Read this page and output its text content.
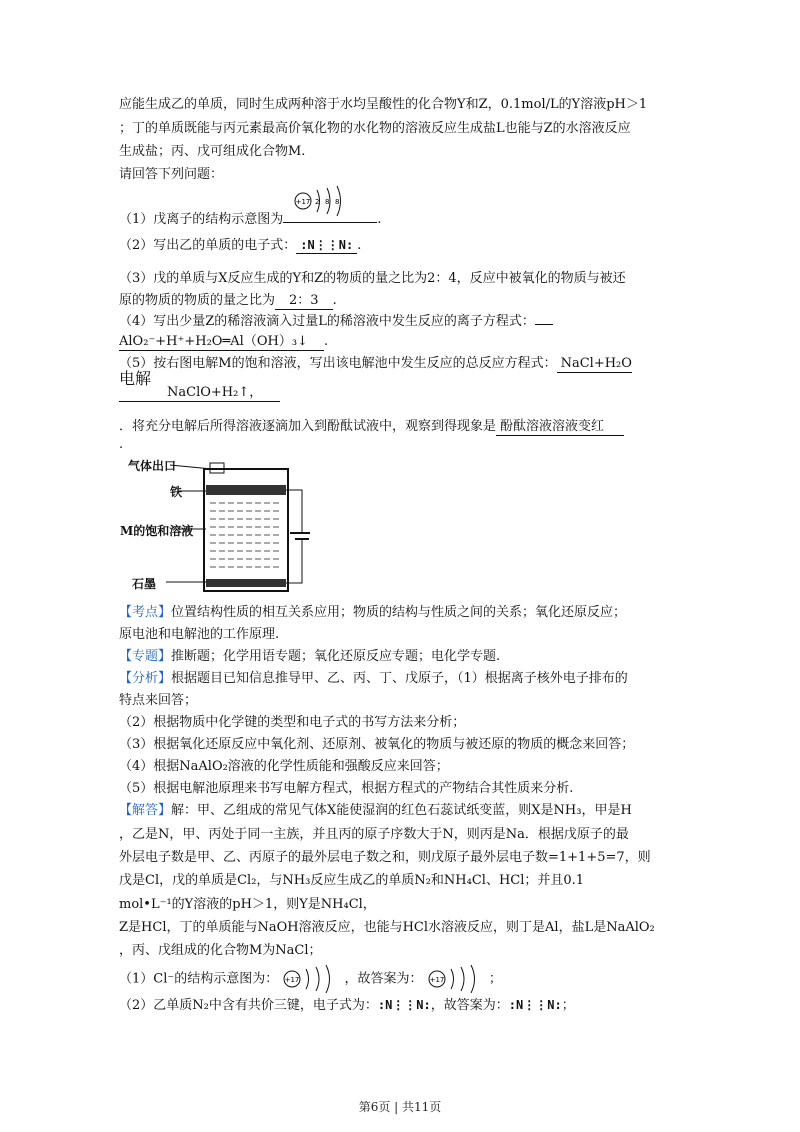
应能生成乙的单质，同时生成两种溶于水均呈酸性的化合物Y和Z，0.1mol/L的Y溶液pH＞1
；丁的单质既能与丙元素最高价氧化物的水化物的溶液反应生成盐L也能与Z的水溶液反应
生成盐；丙、戊可组成化合物M.
请回答下列问题：
（1）戊离子的结构示意图为
+17 2 8 8
.
（2）写出乙的单质的电子式： :N⋮⋮N: .
（3）戊的单质与X反应生成的Y和Z的物质的量之比为2：4，反应中被氧化的物质与被还
原的物质的物质的量之比为 2：3 .
（4）写出少量Z的稀溶液滴入过量L的稀溶液中发生反应的离子方程式：
AlO₂⁻+H⁺+H₂O═Al（OH）₃↓ .
（5）按右图电解M的饱和溶液，写出该电解池中发生反应的总反应方程式： NaCl+H₂O
电解
NaClO+H₂↑，
．将充分电解后所得溶液逐滴加入到酚酞试液中，观察到得现象是 酚酞溶液溶液变红
.
气体出口
铁
M的饱和溶液
石墨
【考点】位置结构性质的相互关系应用；物质的结构与性质之间的关系；氧化还原反应；
原电池和电解池的工作原理.
【专题】推断题；化学用语专题；氧化还原反应专题；电化学专题.
【分析】根据题目已知信息推导甲、乙、丙、丁、戊原子，（1）根据离子核外电子排布的
特点来回答；
（2）根据物质中化学键的类型和电子式的书写方法来分析；
（3）根据氧化还原反应中氧化剂、还原剂、被氧化的物质与被还原的物质的概念来回答；
（4）根据NaAlO₂溶液的化学性质能和强酸反应来回答；
（5）根据电解池原理来书写电解方程式，根据方程式的产物结合其性质来分析.
【解答】解：甲、乙组成的常见气体X能使湿润的红色石蕊试纸变蓝，则X是NH₃，甲是H
，乙是N，甲、丙处于同一主族，并且丙的原子序数大于N，则丙是Na．根据戊原子的最
外层电子数是甲、乙、丙原子的最外层电子数之和，则戊原子最外层电子数=1+1+5=7，则
戊是Cl，戊的单质是Cl₂，与NH₃反应生成乙的单质N₂和NH₄Cl、HCl；并且0.1
mol•L⁻¹的Y溶液的pH＞1，则Y是NH₄Cl，
Z是HCl，丁的单质能与NaOH溶液反应，也能与HCl水溶液反应，则丁是Al，盐L是NaAlO₂
，丙、戊组成的化合物M为NaCl；
（1）Cl⁻的结构示意图为： +17	，故答案为： +17	；
（2）乙单质N₂中含有共价三键，电子式为：:N⋮⋮N:，故答案为：:N⋮⋮N:；
第6页 | 共11页
